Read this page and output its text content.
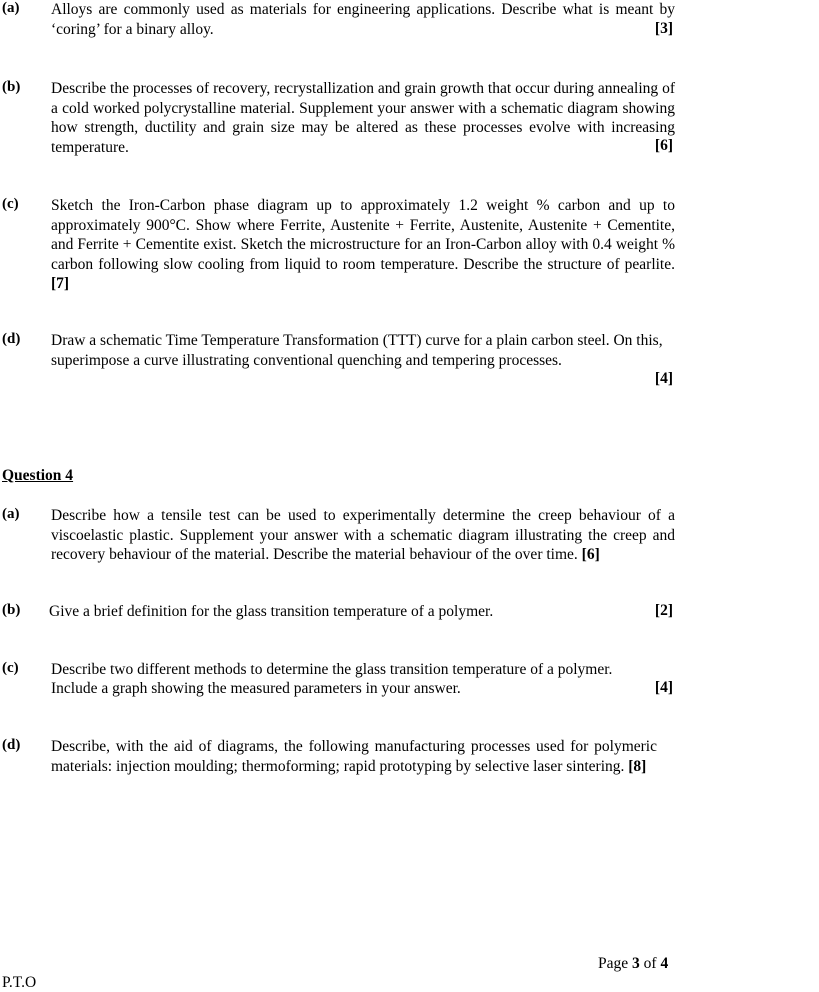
(a) Alloys are commonly used as materials for engineering applications. Describe what is meant by ‘coring’ for a binary alloy.	[3]
(b) Describe the processes of recovery, recrystallization and grain growth that occur during annealing of a cold worked polycrystalline material. Supplement your answer with a schematic diagram showing how strength, ductility and grain size may be altered as these processes evolve with increasing temperature.	[6]
(c) Sketch the Iron-Carbon phase diagram up to approximately 1.2 weight % carbon and up to approximately 900°C. Show where Ferrite, Austenite + Ferrite, Austenite, Austenite + Cementite, and Ferrite + Cementite exist. Sketch the microstructure for an Iron-Carbon alloy with 0.4 weight % carbon following slow cooling from liquid to room temperature. Describe the structure of pearlite. [7]
(d) Draw a schematic Time Temperature Transformation (TTT) curve for a plain carbon steel. On this, superimpose a curve illustrating conventional quenching and tempering processes.
[4]
Question 4
(a) Describe how a tensile test can be used to experimentally determine the creep behaviour of a viscoelastic plastic. Supplement your answer with a schematic diagram illustrating the creep and recovery behaviour of the material. Describe the material behaviour of the over time. [6]
(b) Give a brief definition for the glass transition temperature of a polymer.	[2]
(c) Describe two different methods to determine the glass transition temperature of a polymer.
Include a graph showing the measured parameters in your answer.	[4]
(d) Describe, with the aid of diagrams, the following manufacturing processes used for polymeric materials: injection moulding; thermoforming; rapid prototyping by selective laser sintering. [8]
Page 3 of 4
P.T.O
